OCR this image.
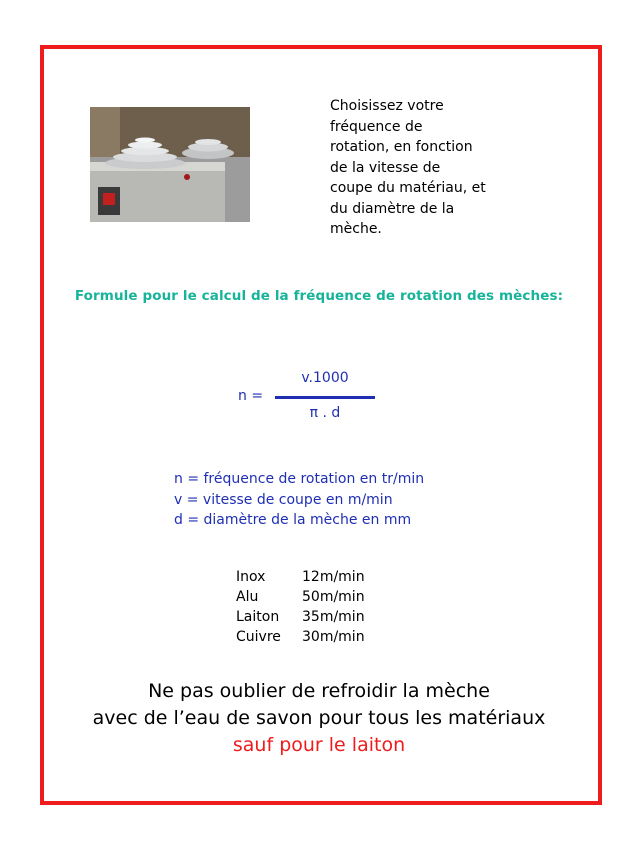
Choisissez votre
fréquence de
rotation, en fonction
de la vitesse de
coupe du matériau, et
du diamètre de la
mèche.
Formule pour le calcul de la fréquence de rotation des mèches:
n =
v.1000
π . d
n = fréquence de rotation en tr/min
v = vitesse de coupe en m/min
d = diamètre de la mèche en mm
Inox	12m/min
Alu	50m/min
Laiton	35m/min
Cuivre	30m/min
Ne pas oublier de refroidir la mèche
avec de l’eau de savon pour tous les matériaux
sauf pour le laiton
